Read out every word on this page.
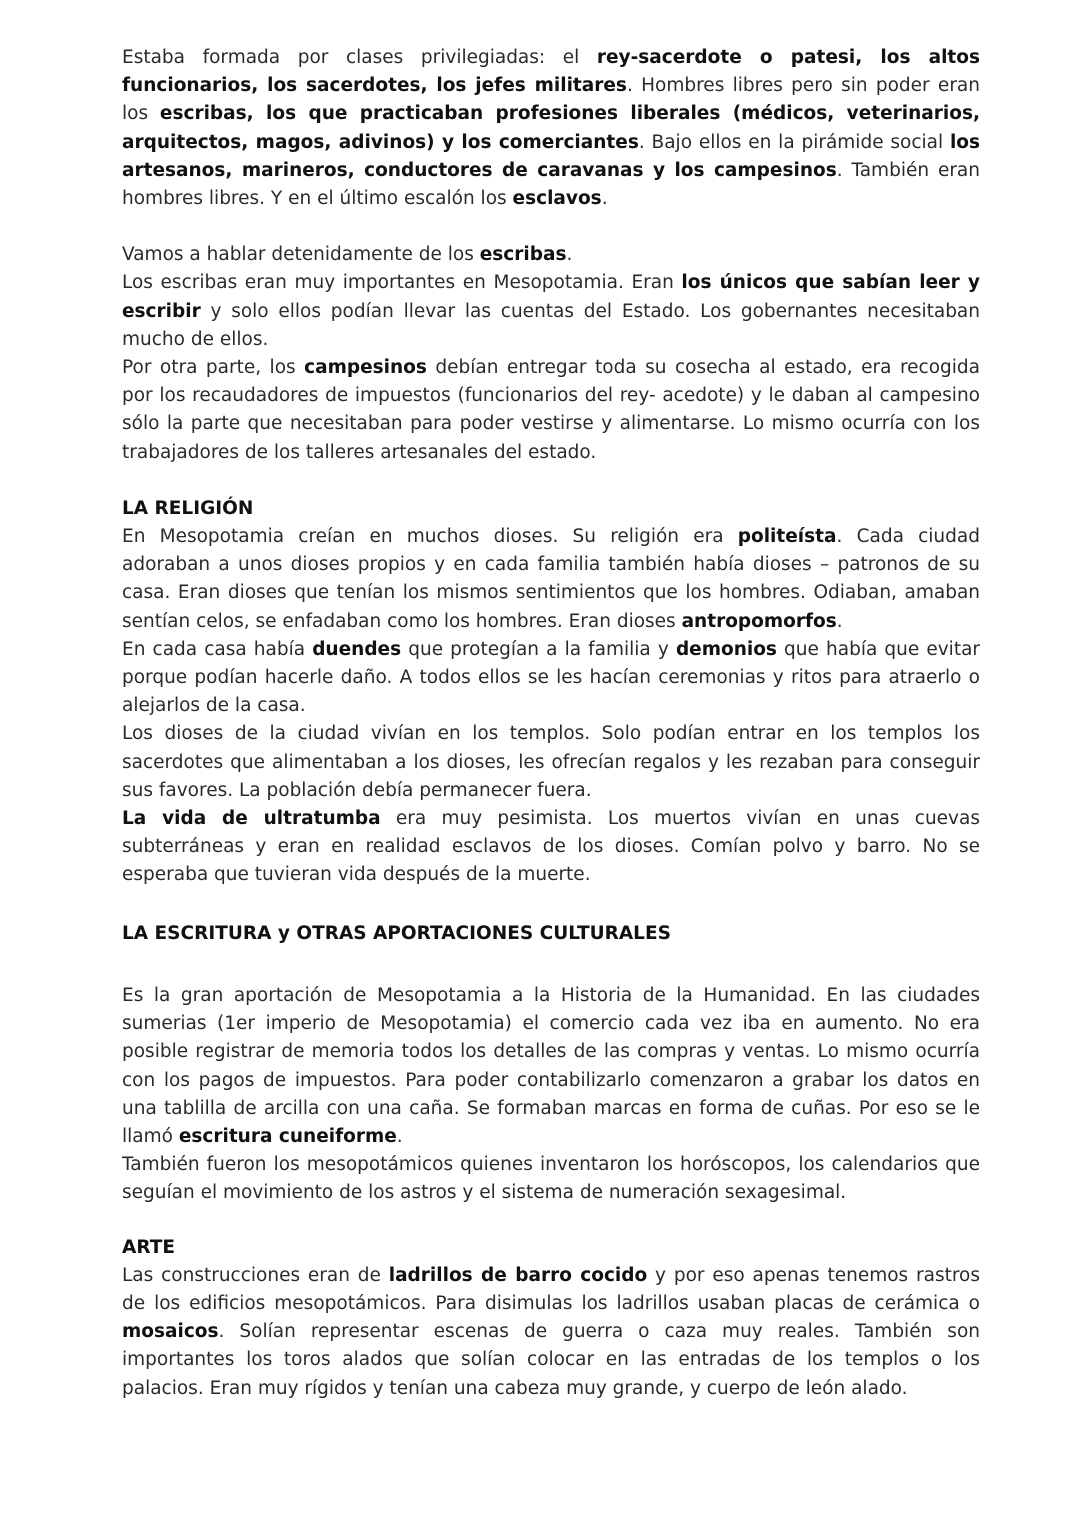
Estaba formada por clases privilegiadas: el rey-sacerdote o patesi, los altos funcionarios, los sacerdotes, los jefes militares. Hombres libres pero sin poder eran los escribas, los que practicaban profesiones liberales (médicos, veterinarios, arquitectos, magos, adivinos) y los comerciantes. Bajo ellos en la pirámide social los artesanos, marineros, conductores de caravanas y los campesinos. También eran hombres libres. Y en el último escalón los esclavos.

Vamos a hablar detenidamente de los escribas.

Los escribas eran muy importantes en Mesopotamia. Eran los únicos que sabían leer y escribir y solo ellos podían llevar las cuentas del Estado. Los gobernantes necesitaban mucho de ellos.

Por otra parte, los campesinos debían entregar toda su cosecha al estado, era recogida por los recaudadores de impuestos (funcionarios del rey- acedote) y le daban al campesino sólo la parte que necesitaban para poder vestirse y alimentarse. Lo mismo ocurría con los trabajadores de los talleres artesanales del estado.

LA RELIGIÓN

En Mesopotamia creían en muchos dioses. Su religión era politeísta. Cada ciudad adoraban a unos dioses propios y en cada familia también había dioses – patronos de su casa. Eran dioses que tenían los mismos sentimientos que los hombres. Odiaban, amaban sentían celos, se enfadaban como los hombres. Eran dioses antropomorfos.

En cada casa había duendes que protegían a la familia y demonios que había que evitar porque podían hacerle daño. A todos ellos se les hacían ceremonias y ritos para atraerlo o alejarlos de la casa.

Los dioses de la ciudad vivían en los templos. Solo podían entrar en los templos los sacerdotes que alimentaban a los dioses, les ofrecían regalos y les rezaban para conseguir sus favores. La población debía permanecer fuera.

La vida de ultratumba era muy pesimista. Los muertos vivían en unas cuevas subterráneas y eran en realidad esclavos de los dioses. Comían polvo y barro. No se esperaba que tuvieran vida después de la muerte.

LA ESCRITURA y OTRAS APORTACIONES CULTURALES

Es la gran aportación de Mesopotamia a la Historia de la Humanidad. En las ciudades sumerias (1er imperio de Mesopotamia) el comercio cada vez iba en aumento. No era posible registrar de memoria todos los detalles de las compras y ventas. Lo mismo ocurría con los pagos de impuestos. Para poder contabilizarlo comenzaron a grabar los datos en una tablilla de arcilla con una caña. Se formaban marcas en forma de cuñas. Por eso se le llamó escritura cuneiforme.

También fueron los mesopotámicos quienes inventaron los horóscopos, los calendarios que seguían el movimiento de los astros y el sistema de numeración sexagesimal.

ARTE

Las construcciones eran de ladrillos de barro cocido y por eso apenas tenemos rastros de los edificios mesopotámicos. Para disimulas los ladrillos usaban placas de cerámica o mosaicos. Solían representar escenas de guerra o caza muy reales. También son importantes los toros alados que solían colocar en las entradas de los templos o los palacios. Eran muy rígidos y tenían una cabeza muy grande, y cuerpo de león alado.
